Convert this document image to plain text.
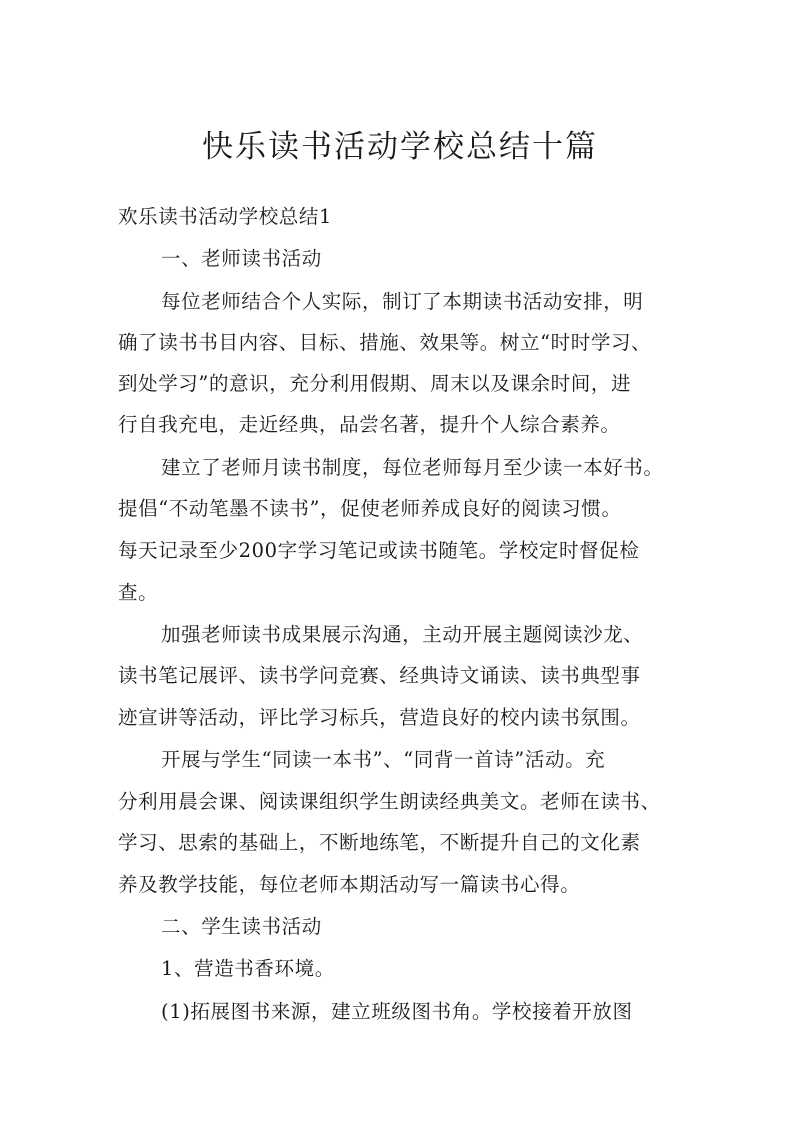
快乐读书活动学校总结十篇
欢乐读书活动学校总结1
一、老师读书活动
每位老师结合个人实际，制订了本期读书活动安排，明
确了读书书目内容、目标、措施、效果等。树立“时时学习、
到处学习”的意识，充分利用假期、周末以及课余时间，进
行自我充电，走近经典，品尝名著，提升个人综合素养。
建立了老师月读书制度，每位老师每月至少读一本好书。
提倡“不动笔墨不读书”，促使老师养成良好的阅读习惯。
每天记录至少200字学习笔记或读书随笔。学校定时督促检
查。
加强老师读书成果展示沟通，主动开展主题阅读沙龙、
读书笔记展评、读书学问竞赛、经典诗文诵读、读书典型事
迹宣讲等活动，评比学习标兵，营造良好的校内读书氛围。
开展与学生“同读一本书”、“同背一首诗”活动。充
分利用晨会课、阅读课组织学生朗读经典美文。老师在读书、
学习、思索的基础上，不断地练笔，不断提升自己的文化素
养及教学技能，每位老师本期活动写一篇读书心得。
二、学生读书活动
1、营造书香环境。
(1)拓展图书来源，建立班级图书角。学校接着开放图
